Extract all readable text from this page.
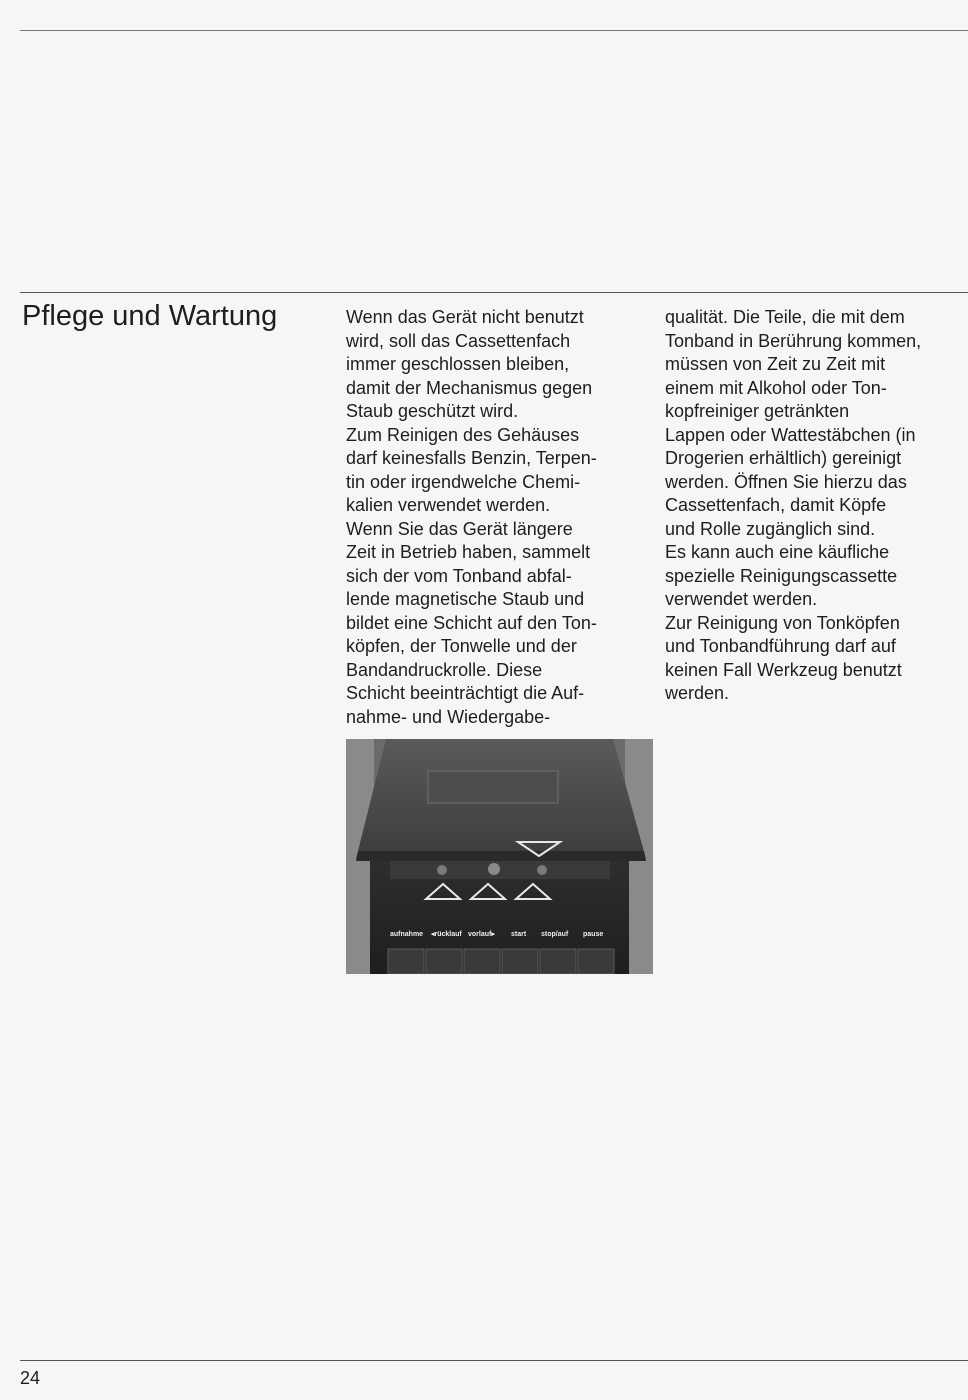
Pflege und Wartung	Wenn das Gerät nicht benutzt
wird, soll das Cassettenfach
immer geschlossen bleiben,
damit der Mechanismus gegen
Staub geschützt wird.
Zum Reinigen des Gehäuses
darf keinesfalls Benzin, Terpen-
tin oder irgendwelche Chemi-
kalien verwendet werden.
Wenn Sie das Gerät längere
Zeit in Betrieb haben, sammelt
sich der vom Tonband abfal-
lende magnetische Staub und
bildet eine Schicht auf den Ton-
köpfen, der Tonwelle und der
Bandandruckrolle. Diese
Schicht beeinträchtigt die Auf-
nahme- und Wiedergabe-

qualität. Die Teile, die mit dem
Tonband in Berührung kommen,
müssen von Zeit zu Zeit mit
einem mit Alkohol oder Ton-
kopfreiniger getränkten
Lappen oder Wattestäbchen (in
Drogerien erhältlich) gereinigt
werden. Öffnen Sie hierzu das
Cassettenfach, damit Köpfe
und Rolle zugänglich sind.
Es kann auch eine käufliche
spezielle Reinigungscassette
verwendet werden.
Zur Reinigung von Tonköpfen
und Tonbandführung darf auf
keinen Fall Werkzeug benutzt
werden.

aufnahme ◂rücklauf vorlauf▸ start stop/auf pause
24
